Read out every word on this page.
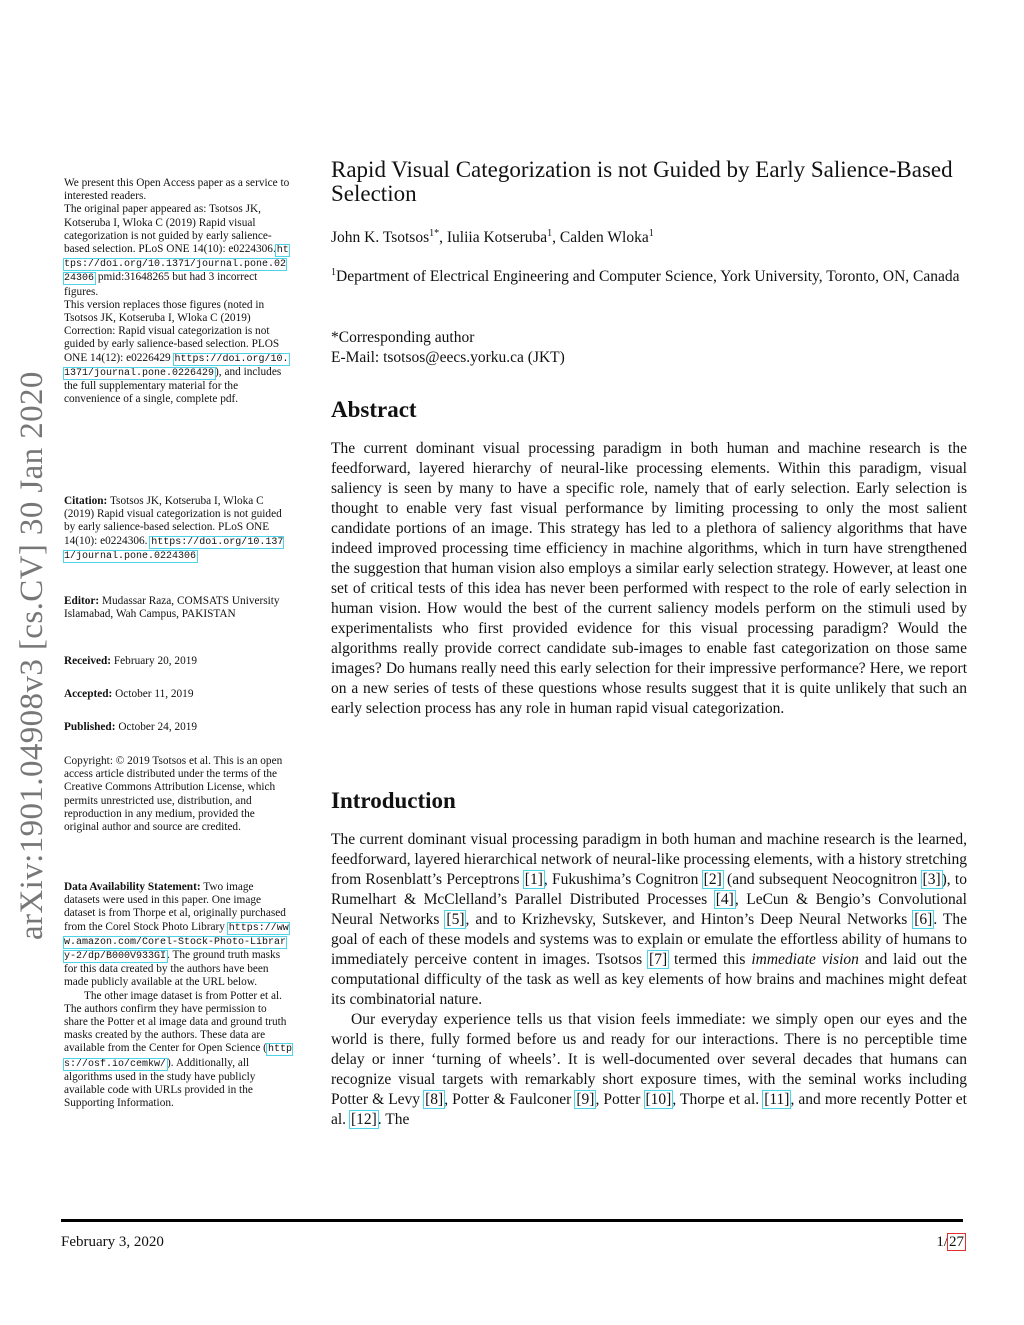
arXiv:1901.04908v3 [cs.CV] 30 Jan 2020
We present this Open Access paper as a service to interested readers.
The original paper appeared as: Tsotsos JK, Kotseruba I, Wloka C (2019) Rapid visual categorization is not guided by early salience-based selection. PLoS ONE 14(10): e0224306.https://doi.org/10.1371/journal.pone.0224306 pmid:31648265 but had 3 incorrect figures.
This version replaces those figures (noted in Tsotsos JK, Kotseruba I, Wloka C (2019) Correction: Rapid visual categorization is not guided by early salience-based selection. PLOS ONE 14(12): e0226429 https://doi.org/10.1371/journal.pone.0226429), and includes the full supplementary material for the convenience of a single, complete pdf.
Citation: Tsotsos JK, Kotseruba I, Wloka C (2019) Rapid visual categorization is not guided by early salience-based selection. PLoS ONE 14(10): e0224306. https://doi.org/10.1371/journal.pone.0224306
Editor: Mudassar Raza, COMSATS University Islamabad, Wah Campus, PAKISTAN
Received: February 20, 2019
Accepted: October 11, 2019
Published: October 24, 2019
Copyright: © 2019 Tsotsos et al. This is an open access article distributed under the terms of the Creative Commons Attribution License, which permits unrestricted use, distribution, and reproduction in any medium, provided the original author and source are credited.
Data Availability Statement: Two image datasets were used in this paper. One image dataset is from Thorpe et al, originally purchased from the Corel Stock Photo Library https://www.amazon.com/Corel-Stock-Photo-Library-2/dp/B000V933GI. The ground truth masks for this data created by the authors have been made publicly available at the URL below.
The other image dataset is from Potter et al. The authors confirm they have permission to share the Potter et al image data and ground truth masks created by the authors. These data are available from the Center for Open Science (https://osf.io/cemkw/). Additionally, all algorithms used in the study have publicly available code with URLs provided in the Supporting Information.
Rapid Visual Categorization is not Guided by Early Salience-Based Selection
John K. Tsotsos$^{1*}$, Iuliia Kotseruba$^1$, Calden Wloka$^1$
$^1$Department of Electrical Engineering and Computer Science, York University, Toronto, ON, Canada
*Corresponding author
E-Mail: tsotsos@eecs.yorku.ca (JKT)
Abstract
The current dominant visual processing paradigm in both human and machine research is the feedforward, layered hierarchy of neural-like processing elements. Within this paradigm, visual saliency is seen by many to have a specific role, namely that of early selection. Early selection is thought to enable very fast visual performance by limiting processing to only the most salient candidate portions of an image. This strategy has led to a plethora of saliency algorithms that have indeed improved processing time efficiency in machine algorithms, which in turn have strengthened the suggestion that human vision also employs a similar early selection strategy. However, at least one set of critical tests of this idea has never been performed with respect to the role of early selection in human vision. How would the best of the current saliency models perform on the stimuli used by experimentalists who first provided evidence for this visual processing paradigm? Would the algorithms really provide correct candidate sub-images to enable fast categorization on those same images? Do humans really need this early selection for their impressive performance? Here, we report on a new series of tests of these questions whose results suggest that it is quite unlikely that such an early selection process has any role in human rapid visual categorization.
Introduction

The current dominant visual processing paradigm in both human and machine research is the learned, feedforward, layered hierarchical network of neural-like processing elements, with a history stretching from Rosenblatt’s Perceptrons [1], Fukushima’s Cognitron [2] (and subsequent Neocognitron [3]), to Rumelhart & McClelland’s Parallel Distributed Processes [4], LeCun & Bengio’s Convolutional Neural Networks [5], and to Krizhevsky, Sutskever, and Hinton’s Deep Neural Networks [6]. The goal of each of these models and systems was to explain or emulate the effortless ability of humans to immediately perceive content in images. Tsotsos [7] termed this immediate vision and laid out the computational difficulty of the task as well as key elements of how brains and machines might defeat its combinatorial nature.

Our everyday experience tells us that vision feels immediate: we simply open our eyes and the world is there, fully formed before us and ready for our interactions. There is no perceptible time delay or inner ‘turning of wheels’. It is well-documented over several decades that humans can recognize visual targets with remarkably short exposure times, with the seminal works including Potter & Levy [8], Potter & Faulconer [9], Potter [10], Thorpe et al. [11], and more recently Potter et al. [12]. The

February 3, 2020	1/27
